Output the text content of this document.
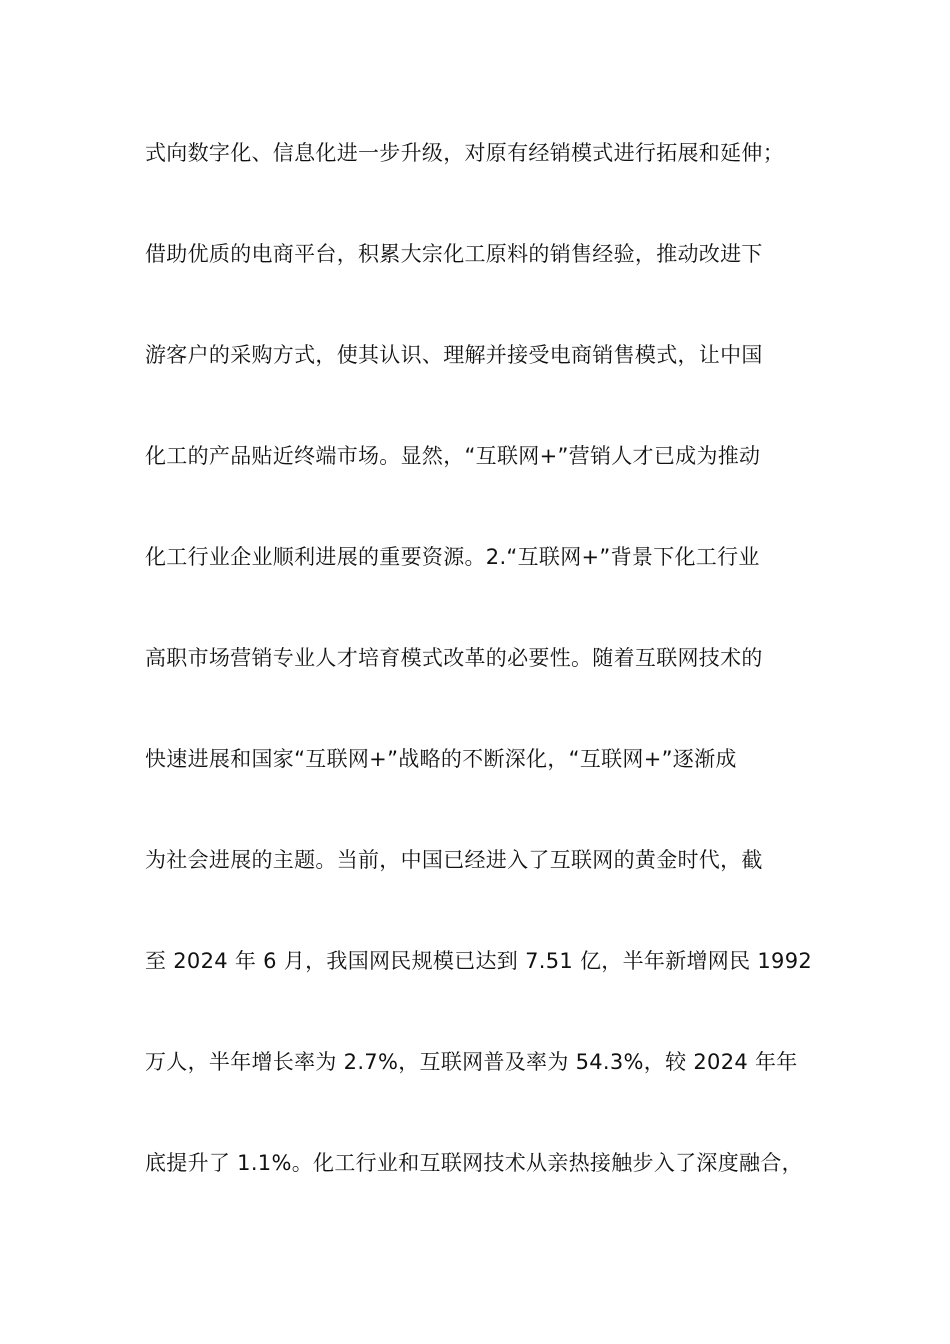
式向数字化、信息化进一步升级，对原有经销模式进行拓展和延伸；
借助优质的电商平台，积累大宗化工原料的销售经验，推动改进下
游客户的采购方式，使其认识、理解并接受电商销售模式，让中国
化工的产品贴近终端市场。显然，“互联网+”营销人才已成为推动
化工行业企业顺利进展的重要资源。2.“互联网+”背景下化工行业
高职市场营销专业人才培育模式改革的必要性。随着互联网技术的
快速进展和国家“互联网+”战略的不断深化，“互联网+”逐渐成
为社会进展的主题。当前，中国已经进入了互联网的黄金时代，截
至 2024 年 6 月，我国网民规模已达到 7.51 亿，半年新增网民 1992
万人，半年增长率为 2.7%，互联网普及率为 54.3%，较 2024 年年
底提升了 1.1%。化工行业和互联网技术从亲热接触步入了深度融合，
